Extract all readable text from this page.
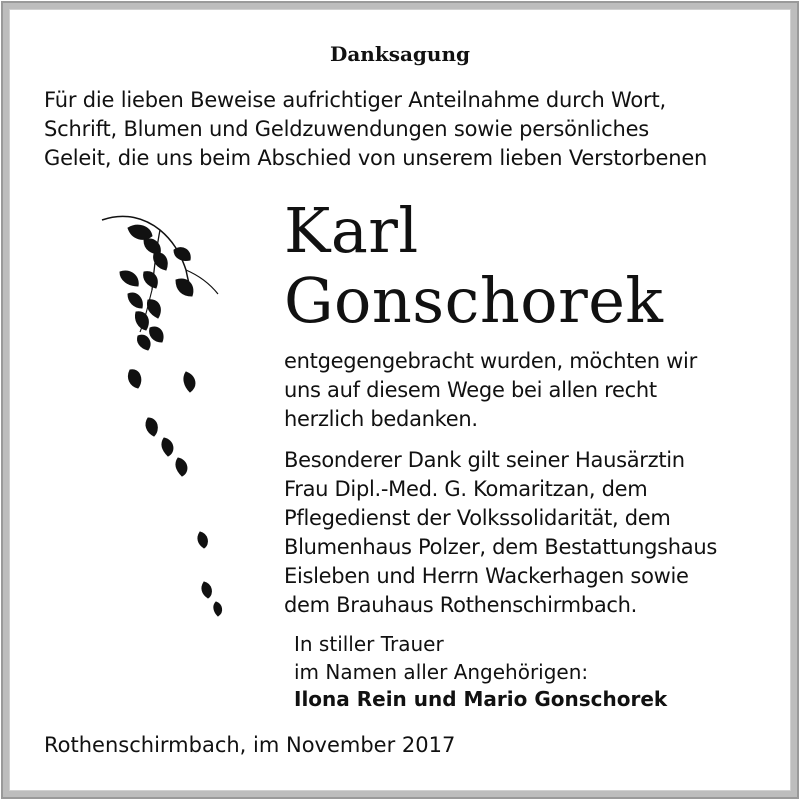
Danksagung

Für die lieben Beweise aufrichtiger Anteilnahme durch Wort,
Schrift, Blumen und Geldzuwendungen sowie persönliches
Geleit, die uns beim Abschied von unserem lieben Verstorbenen

Karl
Gonschorek

entgegengebracht wurden, möchten wir
uns auf diesem Wege bei allen recht
herzlich bedanken.

Besonderer Dank gilt seiner Hausärztin
Frau Dipl.-Med. G. Komaritzan, dem
Pflegedienst der Volkssolidarität, dem
Blumenhaus Polzer, dem Bestattungshaus
Eisleben und Herrn Wackerhagen sowie
dem Brauhaus Rothenschirmbach.

In stiller Trauer
im Namen aller Angehörigen:

Ilona Rein und Mario Gonschorek

Rothenschirmbach, im November 2017
